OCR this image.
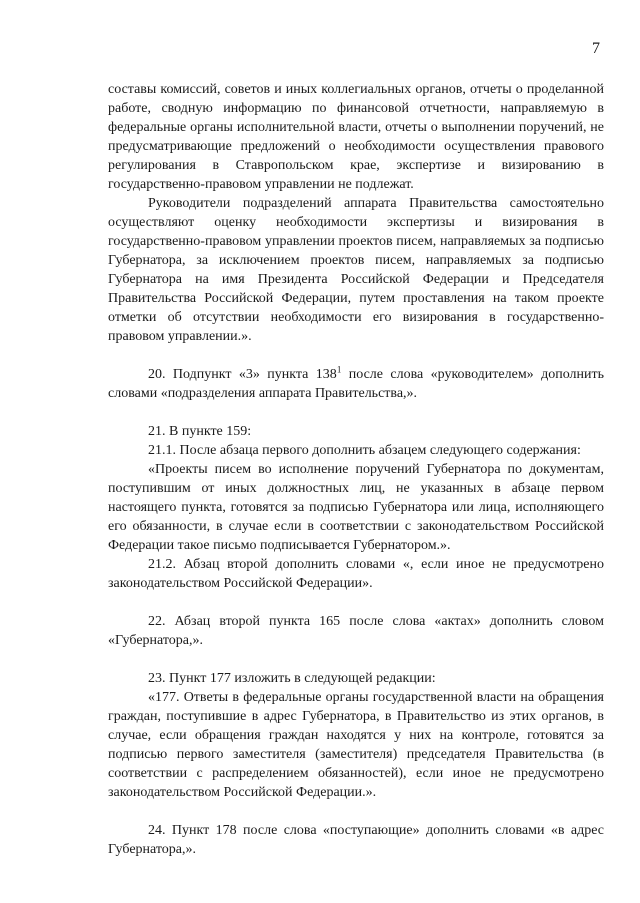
7

составы комиссий, советов и иных коллегиальных органов, отчеты о проделанной работе, сводную информацию по финансовой отчетности, направляемую в федеральные органы исполнительной власти, отчеты о выполнении поручений, не предусматривающие предложений о необходимости осуществления правового регулирования в Ставропольском крае, экспертизе и визированию в государственно-правовом управлении не подлежат.

Руководители подразделений аппарата Правительства самостоятельно осуществляют оценку необходимости экспертизы и визирования в государственно-правовом управлении проектов писем, направляемых за подписью Губернатора, за исключением проектов писем, направляемых за подписью Губернатора на имя Президента Российской Федерации и Председателя Правительства Российской Федерации, путем проставления на таком проекте отметки об отсутствии необходимости его визирования в государственно-правовом управлении.».

20. Подпункт «3» пункта $138^1$ после слова «руководителем» дополнить словами «подразделения аппарата Правительства,».

21. В пункте 159:

21.1. После абзаца первого дополнить абзацем следующего содержания:

«Проекты писем во исполнение поручений Губернатора по документам, поступившим от иных должностных лиц, не указанных в абзаце первом настоящего пункта, готовятся за подписью Губернатора или лица, исполняющего его обязанности, в случае если в соответствии с законодательством Российской Федерации такое письмо подписывается Губернатором.».

21.2. Абзац второй дополнить словами «, если иное не предусмотрено законодательством Российской Федерации».

22. Абзац второй пункта 165 после слова «актах» дополнить словом «Губернатора,».

23. Пункт 177 изложить в следующей редакции:

«177. Ответы в федеральные органы государственной власти на обращения граждан, поступившие в адрес Губернатора, в Правительство из этих органов, в случае, если обращения граждан находятся у них на контроле, готовятся за подписью первого заместителя (заместителя) председателя Правительства (в соответствии с распределением обязанностей), если иное не предусмотрено законодательством Российской Федерации.».

24. Пункт 178 после слова «поступающие» дополнить словами «в адрес Губернатора,».
